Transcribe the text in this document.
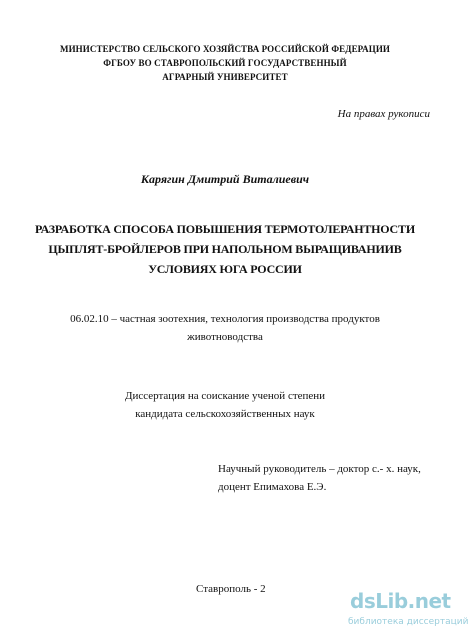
МИНИСТЕРСТВО СЕЛЬСКОГО ХОЗЯЙСТВА РОССИЙСКОЙ ФЕДЕРАЦИИ
ФГБОУ ВО СТАВРОПОЛЬСКИЙ ГОСУДАРСТВЕННЫЙ
АГРАРНЫЙ УНИВЕРСИТЕТ
На правах рукописи
Карягин Дмитрий Виталиевич
РАЗРАБОТКА СПОСОБА ПОВЫШЕНИЯ ТЕРМОТОЛЕРАНТНОСТИ
ЦЫПЛЯТ-БРОЙЛЕРОВ ПРИ НАПОЛЬНОМ ВЫРАЩИВАНИИВ
УСЛОВИЯХ ЮГА РОССИИ
06.02.10 – частная зоотехния, технология производства продуктов
животноводства
Диссертация на соискание ученой степени
кандидата сельскохозяйственных наук
Научный руководитель – доктор с.- х. наук,
доцент Епимахова Е.Э.
Ставрополь - 2	dsLib.net
библиотека диссертаций
